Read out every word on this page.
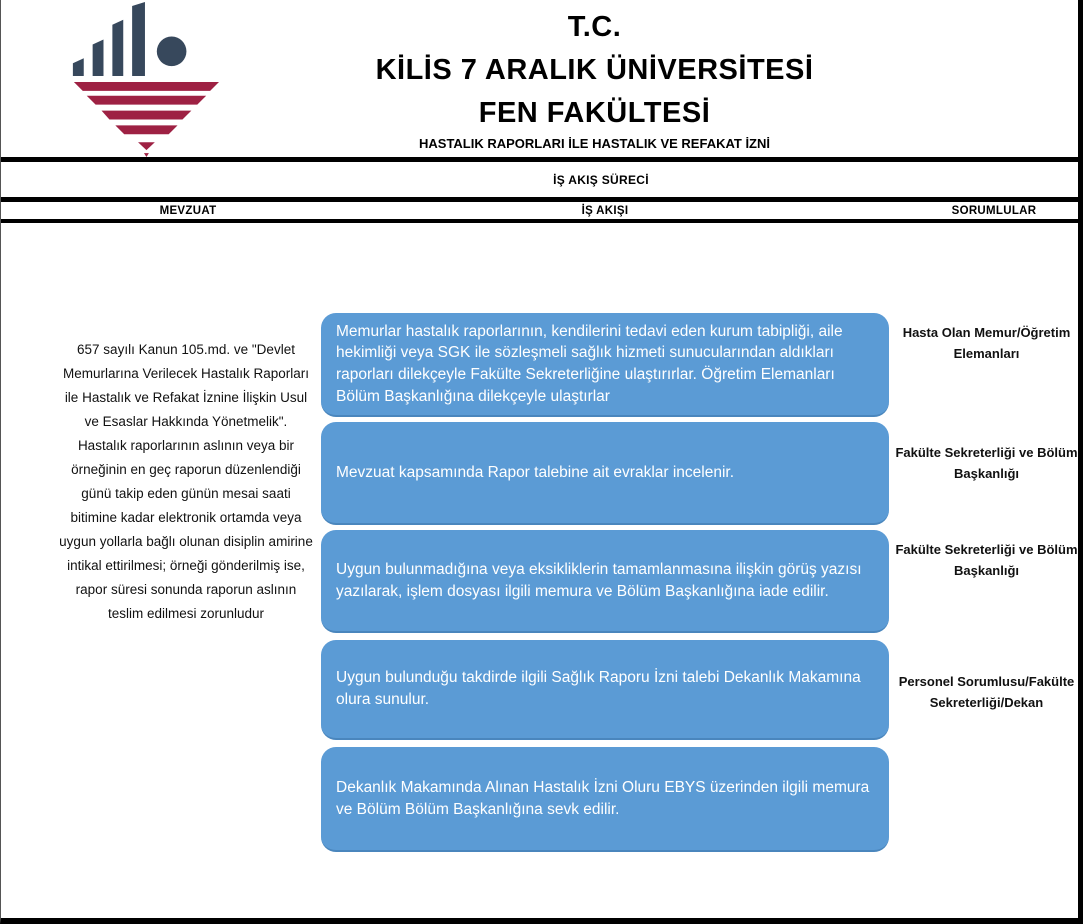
T.C.
KİLİS 7 ARALIK ÜNİVERSİTESİ
FEN FAKÜLTESİ
HASTALIK RAPORLARI İLE HASTALIK VE REFAKAT İZNİ
İŞ AKIŞ SÜRECİ
MEVZUAT	İŞ AKIŞI	SORUMLULAR
657 sayılı Kanun 105.md. ve "Devlet Memurlarına Verilecek Hastalık Raporları ile Hastalık ve Refakat İznine İlişkin Usul ve Esaslar Hakkında Yönetmelik". Hastalık raporlarının aslının veya bir örneğinin en geç raporun düzenlendiği günü takip eden günün mesai saati bitimine kadar elektronik ortamda veya uygun yollarla bağlı olunan disiplin amirine intikal ettirilmesi; örneği gönderilmiş ise, rapor süresi sonunda raporun aslının teslim edilmesi zorunludur
Memurlar hastalık raporlarının, kendilerini tedavi eden kurum tabipliği, aile hekimliği veya SGK ile sözleşmeli sağlık hizmeti sunucularından aldıkları raporları dilekçeyle Fakülte Sekreterliğine ulaştırırlar. Öğretim Elemanları Bölüm Başkanlığına dilekçeyle ulaştırlar
Mevzuat kapsamında Rapor talebine ait evraklar incelenir.
Uygun bulunmadığına veya eksikliklerin tamamlanmasına ilişkin görüş yazısı yazılarak, işlem dosyası ilgili memura ve Bölüm Başkanlığına iade edilir.
Uygun bulunduğu takdirde ilgili Sağlık Raporu İzni talebi Dekanlık Makamına olura sunulur.
Dekanlık Makamında Alınan Hastalık İzni Oluru EBYS üzerinden ilgili memura ve Bölüm Bölüm Başkanlığına sevk edilir.
Hasta Olan Memur/Öğretim Elemanları
Fakülte Sekreterliği ve Bölüm Başkanlığı
Fakülte Sekreterliği ve Bölüm Başkanlığı
Personel Sorumlusu/Fakülte Sekreterliği/Dekan
